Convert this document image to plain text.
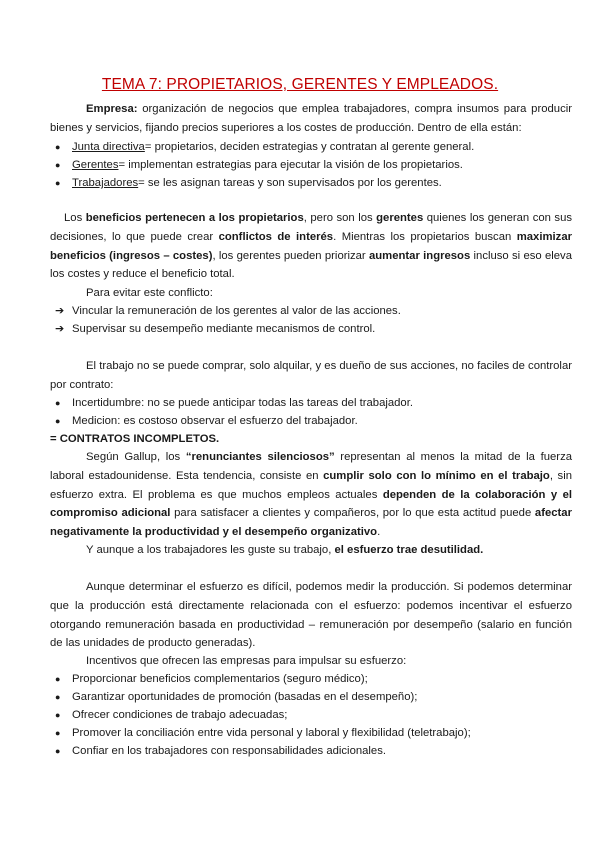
TEMA 7: PROPIETARIOS, GERENTES Y EMPLEADOS.

Empresa: organización de negocios que emplea trabajadores, compra insumos para producir bienes y servicios, fijando precios superiores a los costes de producción. Dentro de ella están:

● Junta directiva= propietarios, deciden estrategias y contratan al gerente general.
● Gerentes= implementan estrategias para ejecutar la visión de los propietarios.
● Trabajadores= se les asignan tareas y son supervisados por los gerentes.

Los beneficios pertenecen a los propietarios, pero son los gerentes quienes los generan con sus decisiones, lo que puede crear conflictos de interés. Mientras los propietarios buscan maximizar beneficios (ingresos – costes), los gerentes pueden priorizar aumentar ingresos incluso si eso eleva los costes y reduce el beneficio total.

Para evitar este conflicto:
➔ Vincular la remuneración de los gerentes al valor de las acciones.
➔ Supervisar su desempeño mediante mecanismos de control.

El trabajo no se puede comprar, solo alquilar, y es dueño de sus acciones, no faciles de controlar por contrato:

● Incertidumbre: no se puede anticipar todas las tareas del trabajador.
● Medicion: es costoso observar el esfuerzo del trabajador.
= CONTRATOS INCOMPLETOS.

Según Gallup, los “renunciantes silenciosos” representan al menos la mitad de la fuerza laboral estadounidense. Esta tendencia, consiste en cumplir solo con lo mínimo en el trabajo, sin esfuerzo extra. El problema es que muchos empleos actuales dependen de la colaboración y el compromiso adicional para satisfacer a clientes y compañeros, por lo que esta actitud puede afectar negativamente la productividad y el desempeño organizativo.

Y aunque a los trabajadores les guste su trabajo, el esfuerzo trae desutilidad.

Aunque determinar el esfuerzo es difícil, podemos medir la producción. Si podemos determinar que la producción está directamente relacionada con el esfuerzo: podemos incentivar el esfuerzo otorgando remuneración basada en productividad – remuneración por desempeño (salario en función de las unidades de producto generadas).

Incentivos que ofrecen las empresas para impulsar su esfuerzo:
● Proporcionar beneficios complementarios (seguro médico);
● Garantizar oportunidades de promoción (basadas en el desempeño);
● Ofrecer condiciones de trabajo adecuadas;
● Promover la conciliación entre vida personal y laboral y flexibilidad (teletrabajo);
● Confiar en los trabajadores con responsabilidades adicionales.
